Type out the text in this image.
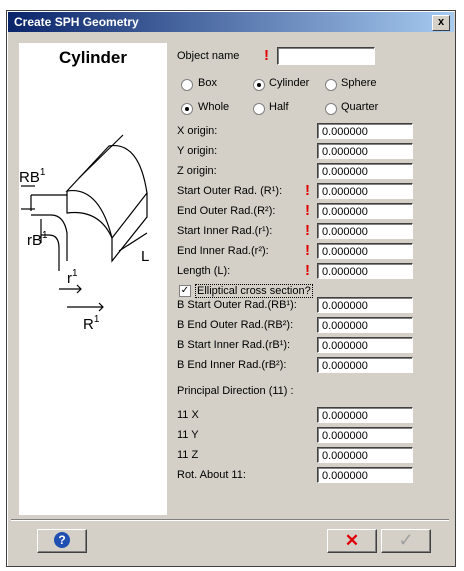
Create SPH Geometry	x
Cylinder
$RB^1$
$rB^1$
$r^1$
$R^1$
L
Object name !
Box	Cylinder	Sphere
Whole	Half	Quarter
X origin:	0.000000
Y origin:	0.000000
Z origin:	0.000000
Start Outer Rad. (R¹): !	0.000000
End Outer Rad.(R²): !	0.000000
Start Inner Rad.(r¹): !	0.000000
End Inner Rad.(r²): !	0.000000
Length (L):	!	0.000000
✓ Elliptical cross section?
B Start Outer Rad.(RB¹):	0.000000
B End Outer Rad.(RB²):	0.000000
B Start Inner Rad.(rB¹):	0.000000
B End Inner Rad.(rB²):	0.000000
Principal Direction (11) :
11 X	0.000000
11 Y	0.000000
11 Z	0.000000
Rot. About 11:	0.000000
?	✕	✓
